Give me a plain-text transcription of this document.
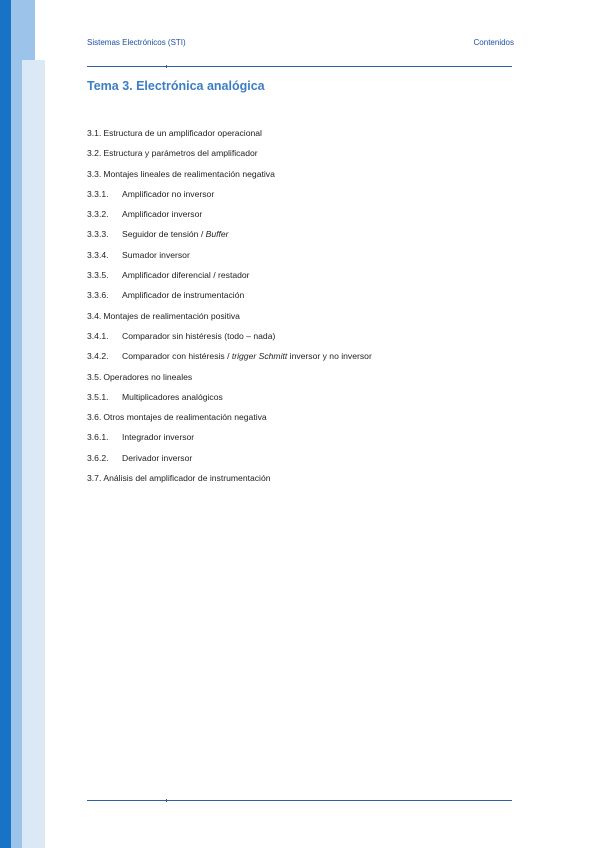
Sistemas Electrónicos (STI)	Contenidos
Tema 3. Electrónica analógica
3.1. Estructura de un amplificador operacional
3.2. Estructura y parámetros del amplificador
3.3. Montajes lineales de realimentación negativa
3.3.1. Amplificador no inversor
3.3.2. Amplificador inversor
3.3.3. Seguidor de tensión / Buffer
3.3.4. Sumador inversor
3.3.5. Amplificador diferencial / restador
3.3.6. Amplificador de instrumentación
3.4. Montajes de realimentación positiva
3.4.1. Comparador sin histéresis (todo – nada)
3.4.2. Comparador con histéresis / trigger Schmitt inversor y no inversor
3.5. Operadores no lineales
3.5.1. Multiplicadores analógicos
3.6. Otros montajes de realimentación negativa
3.6.1. Integrador inversor
3.6.2. Derivador inversor
3.7. Análisis del amplificador de instrumentación
